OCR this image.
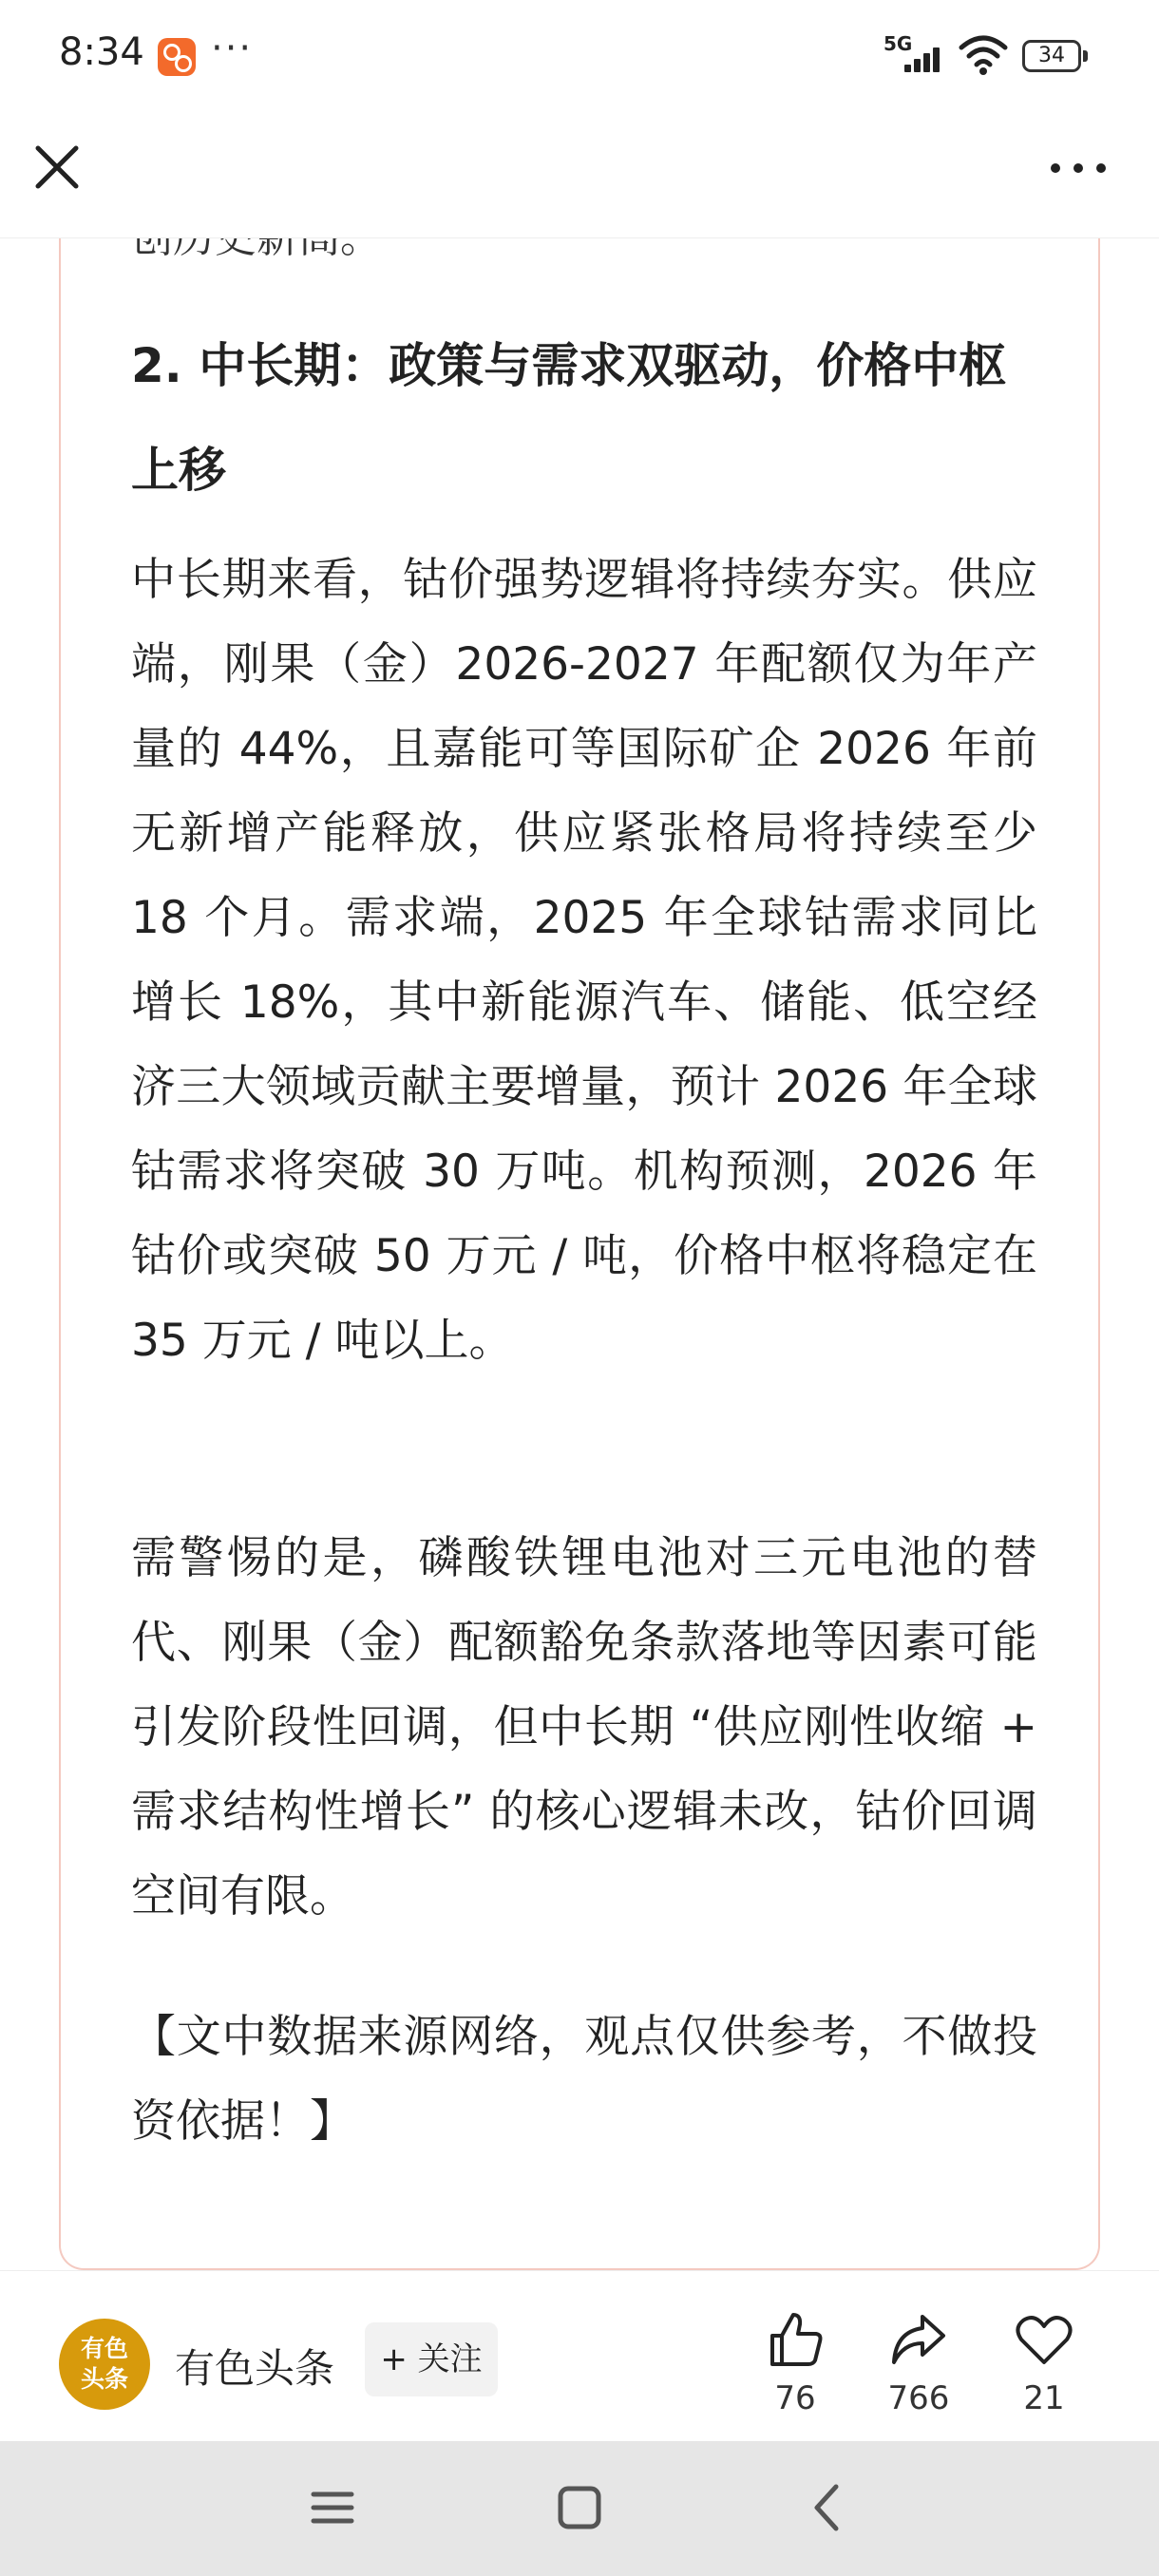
8:34 ···	5G	34
2. 中长期：政策与需求双驱动，价格中枢上移
中长期来看，钴价强势逻辑将持续夯实。供应端，刚果（金）2026-2027 年配额仅为年产量的 44%，且嘉能可等国际矿企 2026 年前无新增产能释放，供应紧张格局将持续至少 18 个月。需求端，2025 年全球钴需求同比增长 18%，其中新能源汽车、储能、低空经济三大领域贡献主要增量，预计 2026 年全球钴需求将突破 30 万吨。机构预测，2026 年钴价或突破 50 万元 / 吨，价格中枢将稳定在 35 万元 / 吨以上。
需警惕的是，磷酸铁锂电池对三元电池的替代、刚果（金）配额豁免条款落地等因素可能引发阶段性回调，但中长期 “供应刚性收缩 + 需求结构性增长” 的核心逻辑未改，钴价回调空间有限。
【文中数据来源网络，观点仅供参考，不做投资依据！】
有色
头条	有色头条	+ 关注
76	766	21
